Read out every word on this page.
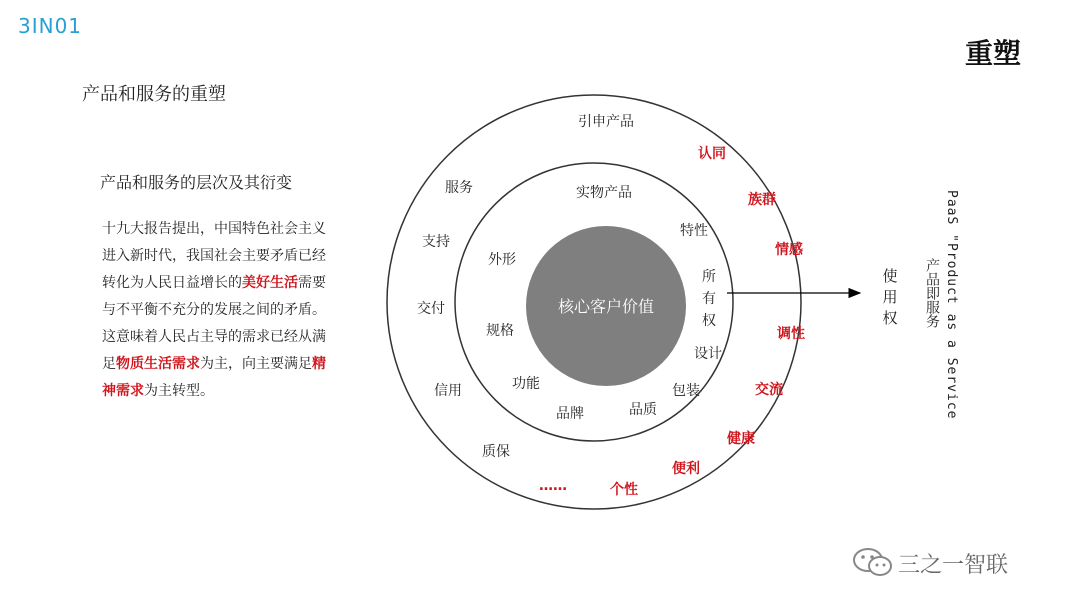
3IN01
重塑
产品和服务的重塑
产品和服务的层次及其衍变
十九大报告提出，中国特色社会主义进入新时代，我国社会主要矛盾已经转化为人民日益增长的美好生活需要与不平衡不充分的发展之间的矛盾。这意味着人民占主导的需求已经从满足物质生活需求为主，向主要满足精神需求为主转型。
核心客户价值
实物产品
外形
特性
所
有
权
规格
设计
功能	包装
品牌	品质
引申产品
服务
支持
交付
信用
质保
认同
族群
情感
调性
交流
健康
便利
个性
……
使
用
权	PaaS "Product as a Service
产品即服务
三之一智联
